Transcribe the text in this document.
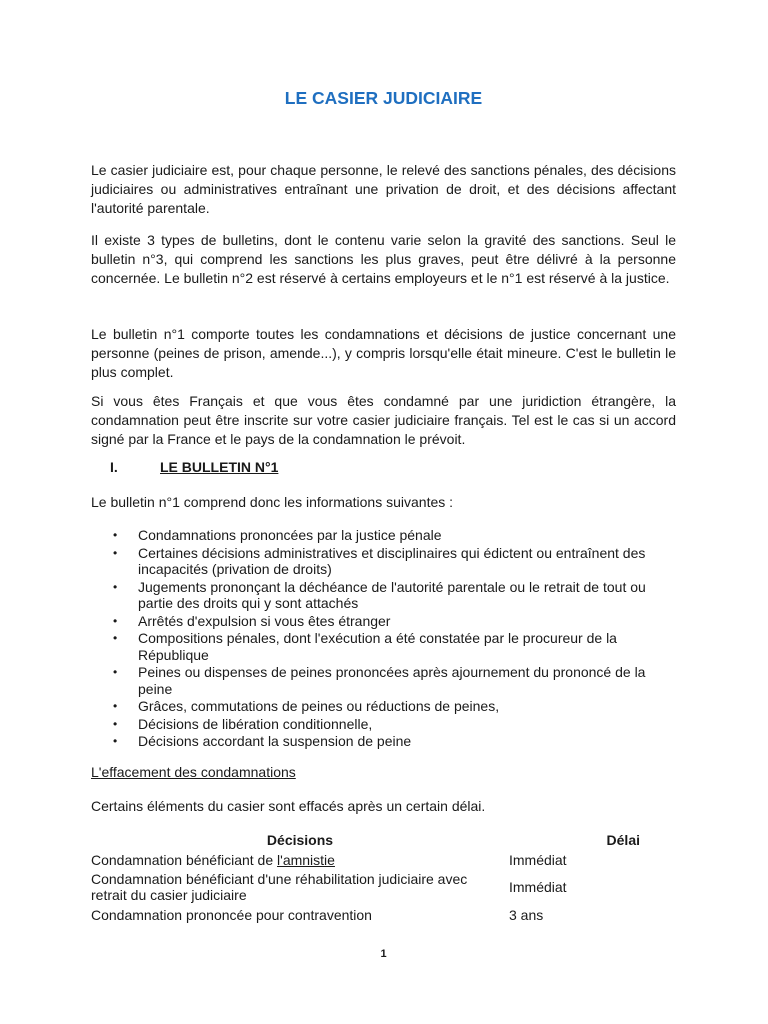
LE CASIER JUDICIAIRE

Le casier judiciaire est, pour chaque personne, le relevé des sanctions pénales, des décisions judiciaires ou administratives entraînant une privation de droit, et des décisions affectant l'autorité parentale.

Il existe 3 types de bulletins, dont le contenu varie selon la gravité des sanctions. Seul le bulletin n°3, qui comprend les sanctions les plus graves, peut être délivré à la personne concernée. Le bulletin n°2 est réservé à certains employeurs et le n°1 est réservé à la justice.

Le bulletin n°1 comporte toutes les condamnations et décisions de justice concernant une personne (peines de prison, amende...), y compris lorsqu'elle était mineure. C'est le bulletin le plus complet.

Si vous êtes Français et que vous êtes condamné par une juridiction étrangère, la condamnation peut être inscrite sur votre casier judiciaire français. Tel est le cas si un accord signé par la France et le pays de la condamnation le prévoit.

I.	LE BULLETIN N°1

Le bulletin n°1 comprend donc les informations suivantes :

• Condamnations prononcées par la justice pénale
• Certaines décisions administratives et disciplinaires qui édictent ou entraînent des incapacités (privation de droits)
• Jugements prononçant la déchéance de l'autorité parentale ou le retrait de tout ou partie des droits qui y sont attachés
• Arrêtés d'expulsion si vous êtes étranger
• Compositions pénales, dont l'exécution a été constatée par le procureur de la République
• Peines ou dispenses de peines prononcées après ajournement du prononcé de la peine
• Grâces, commutations de peines ou réductions de peines,
• Décisions de libération conditionnelle,
• Décisions accordant la suspension de peine
L'effacement des condamnations

Certains éléments du casier sont effacés après un certain délai.

Décisions	Délai
Condamnation bénéficiant de l'amnistie	Immédiat
Condamnation bénéficiant d'une réhabilitation judiciaire avec retrait du casier judiciaire	Immédiat
Condamnation prononcée pour contravention	3 ans
1
